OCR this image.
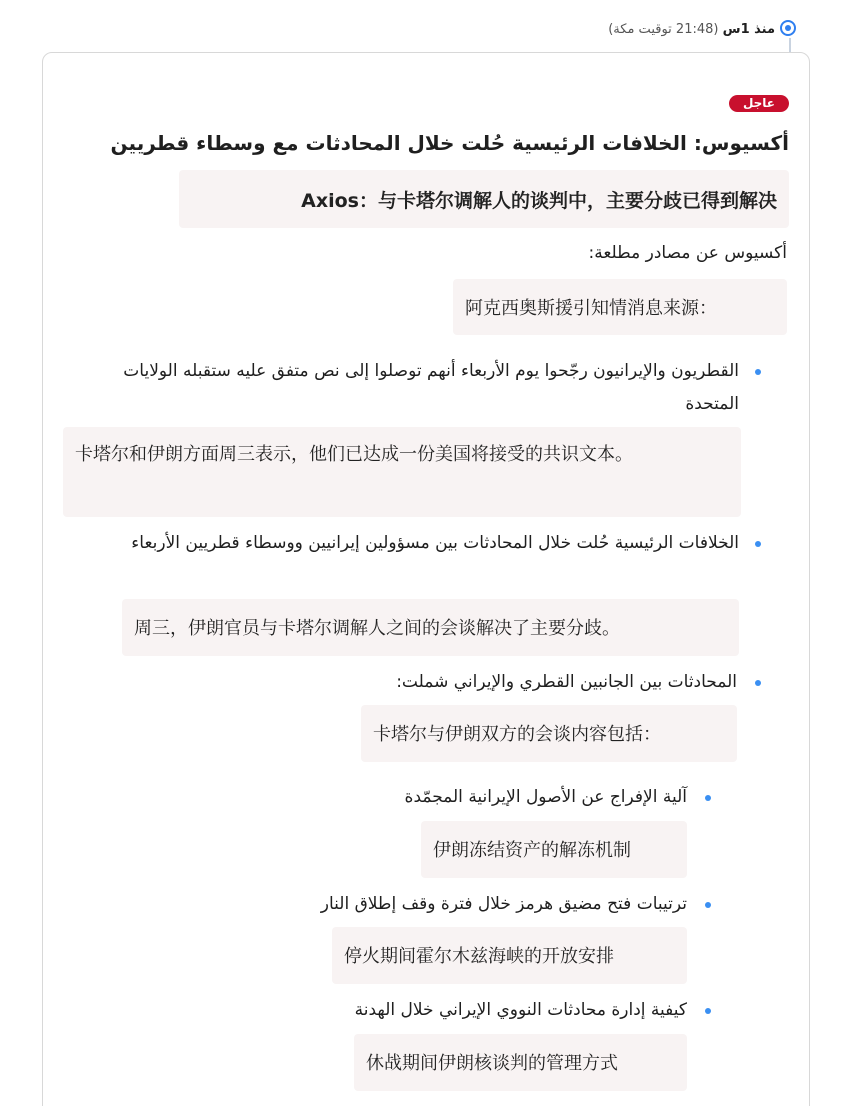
منذ 1س (21:48 توقيت مكة)
عاجل
أكسيوس: الخلافات الرئيسية حُلت خلال المحادثات مع وسطاء قطريين
Axios：与卡塔尔调解人的谈判中，主要分歧已得到解决
أكسيوس عن مصادر مطلعة:
阿克西奥斯援引知情消息来源：
القطريون والإيرانيون رجّحوا يوم الأربعاء أنهم توصلوا إلى نص متفق عليه ستقبله الولايات المتحدة
卡塔尔和伊朗方面周三表示，他们已达成一份美国将接受的共识文本。
الخلافات الرئيسية حُلت خلال المحادثات بين مسؤولين إيرانيين ووسطاء قطريين الأربعاء
周三，伊朗官员与卡塔尔调解人之间的会谈解决了主要分歧。
المحادثات بين الجانبين القطري والإيراني شملت:
卡塔尔与伊朗双方的会谈内容包括：
آلية الإفراج عن الأصول الإيرانية المجمّدة
伊朗冻结资产的解冻机制
ترتيبات فتح مضيق هرمز خلال فترة وقف إطلاق النار
停火期间霍尔木兹海峡的开放安排
كيفية إدارة محادثات النووي الإيراني خلال الهدنة
休战期间伊朗核谈判的管理方式
